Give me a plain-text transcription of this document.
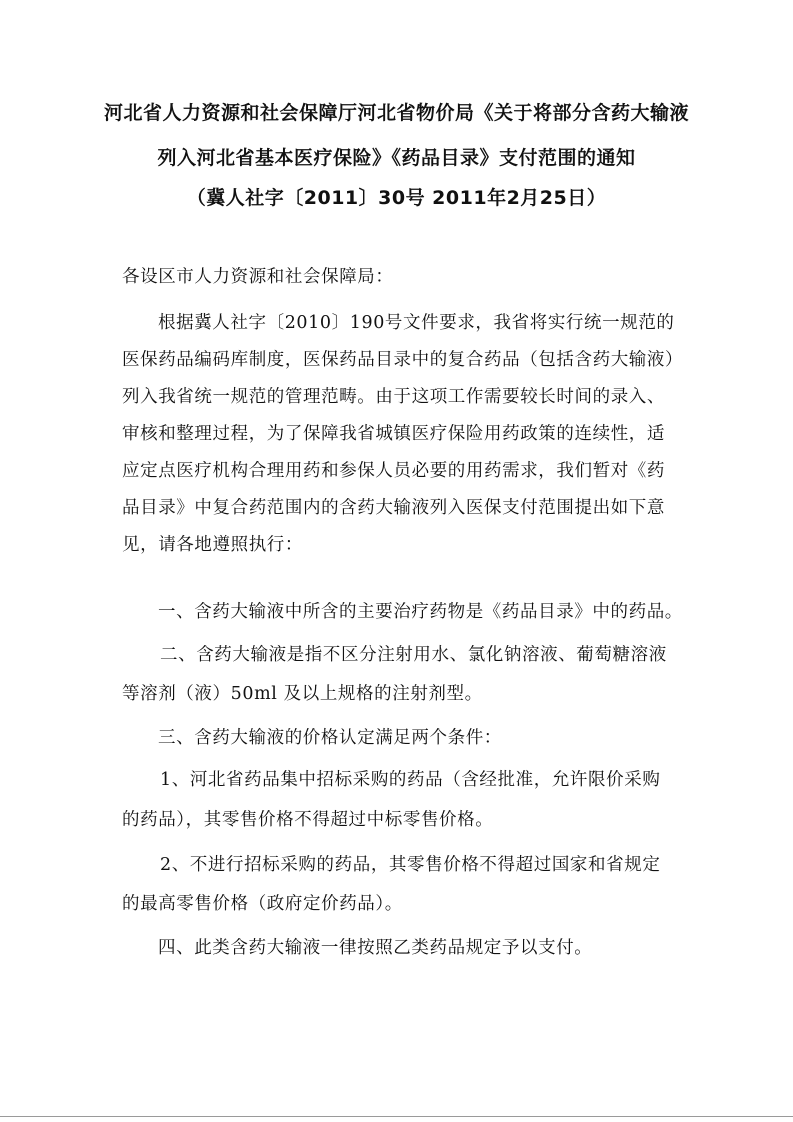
河北省人力资源和社会保障厅河北省物价局《关于将部分含药大输液
列入河北省基本医疗保险》《药品目录》支付范围的通知
（冀人社字〔2011〕30号 2011年2月25日）
各设区市人力资源和社会保障局：
根据冀人社字〔2010〕190号文件要求，我省将实行统一规范的
医保药品编码库制度，医保药品目录中的复合药品（包括含药大输液）
列入我省统一规范的管理范畴。由于这项工作需要较长时间的录入、
审核和整理过程，为了保障我省城镇医疗保险用药政策的连续性，适
应定点医疗机构合理用药和参保人员必要的用药需求，我们暂对《药
品目录》中复合药范围内的含药大输液列入医保支付范围提出如下意
见，请各地遵照执行：
一、含药大输液中所含的主要治疗药物是《药品目录》中的药品。
二、含药大输液是指不区分注射用水、氯化钠溶液、葡萄糖溶液
等溶剂（液）50ml 及以上规格的注射剂型。
三、含药大输液的价格认定满足两个条件：
1、河北省药品集中招标采购的药品（含经批准，允许限价采购
的药品），其零售价格不得超过中标零售价格。
2、不进行招标采购的药品，其零售价格不得超过国家和省规定
的最高零售价格（政府定价药品）。
四、此类含药大输液一律按照乙类药品规定予以支付。
